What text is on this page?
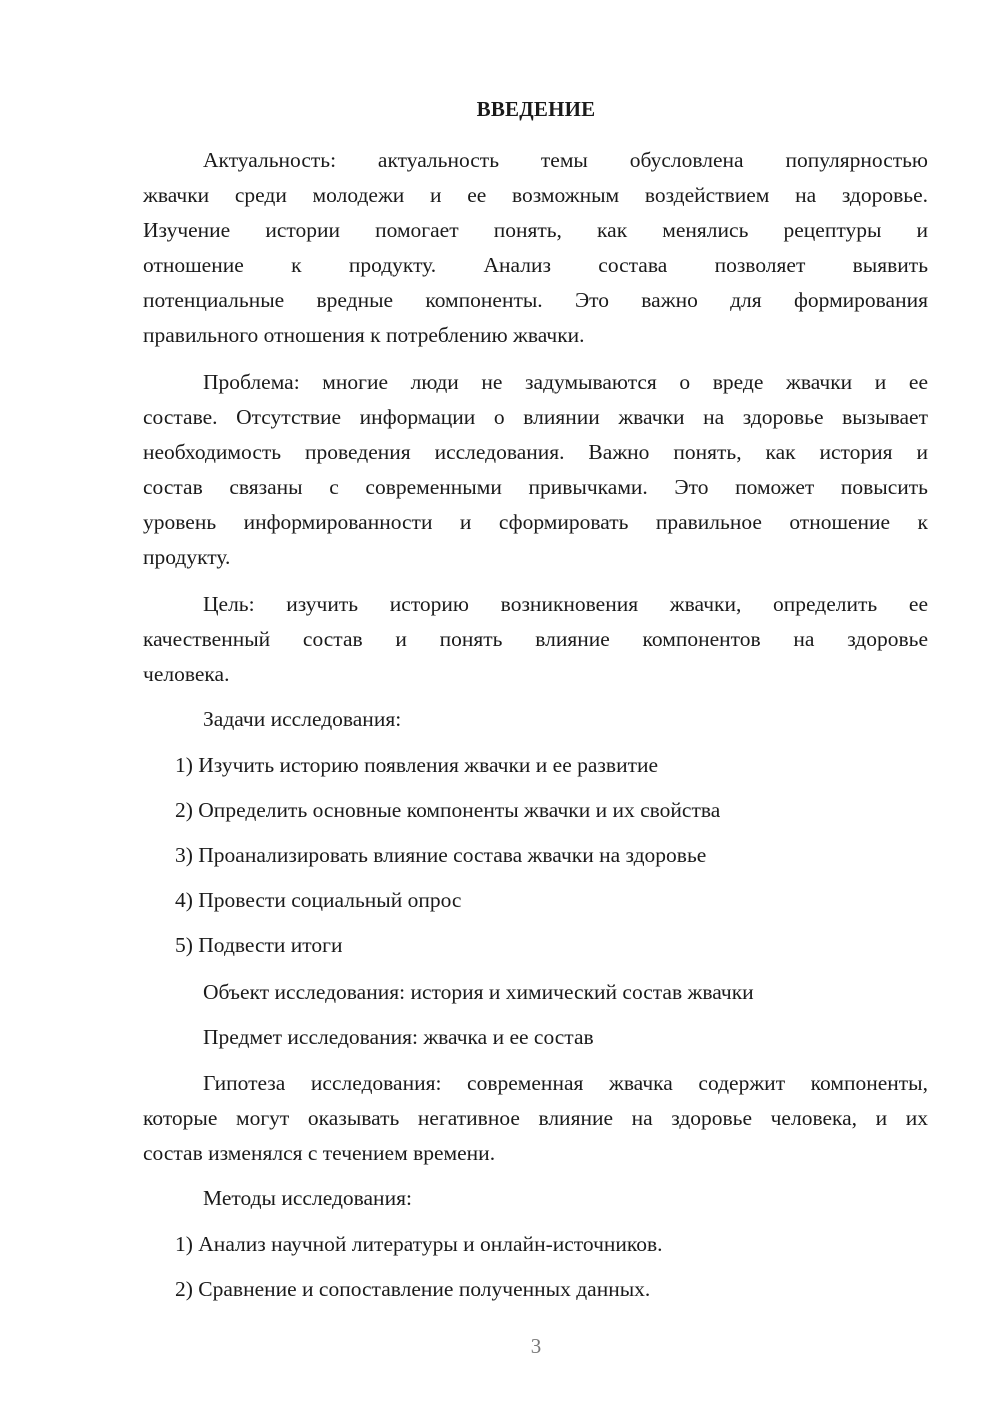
ВВЕДЕНИЕ
Актуальность: актуальность темы обусловлена популярностью
жвачки среди молодежи и ее возможным воздействием на здоровье.
Изучение истории помогает понять, как менялись рецептуры и
отношение к продукту. Анализ состава позволяет выявить
потенциальные вредные компоненты. Это важно для формирования
правильного отношения к потреблению жвачки.
Проблема: многие люди не задумываются о вреде жвачки и ее
составе. Отсутствие информации о влиянии жвачки на здоровье вызывает
необходимость проведения исследования. Важно понять, как история и
состав связаны с современными привычками. Это поможет повысить
уровень информированности и сформировать правильное отношение к
продукту.
Цель: изучить историю возникновения жвачки, определить ее
качественный состав и понять влияние компонентов на здоровье
человека.
Задачи исследования:
1) Изучить историю появления жвачки и ее развитие
2) Определить основные компоненты жвачки и их свойства
3) Проанализировать влияние состава жвачки на здоровье
4) Провести социальный опрос
5) Подвести итоги
Объект исследования: история и химический состав жвачки
Предмет исследования: жвачка и ее состав
Гипотеза исследования: современная жвачка содержит компоненты,
которые могут оказывать негативное влияние на здоровье человека, и их
состав изменялся с течением времени.
Методы исследования:
1) Анализ научной литературы и онлайн-источников.
2) Сравнение и сопоставление полученных данных.
3
